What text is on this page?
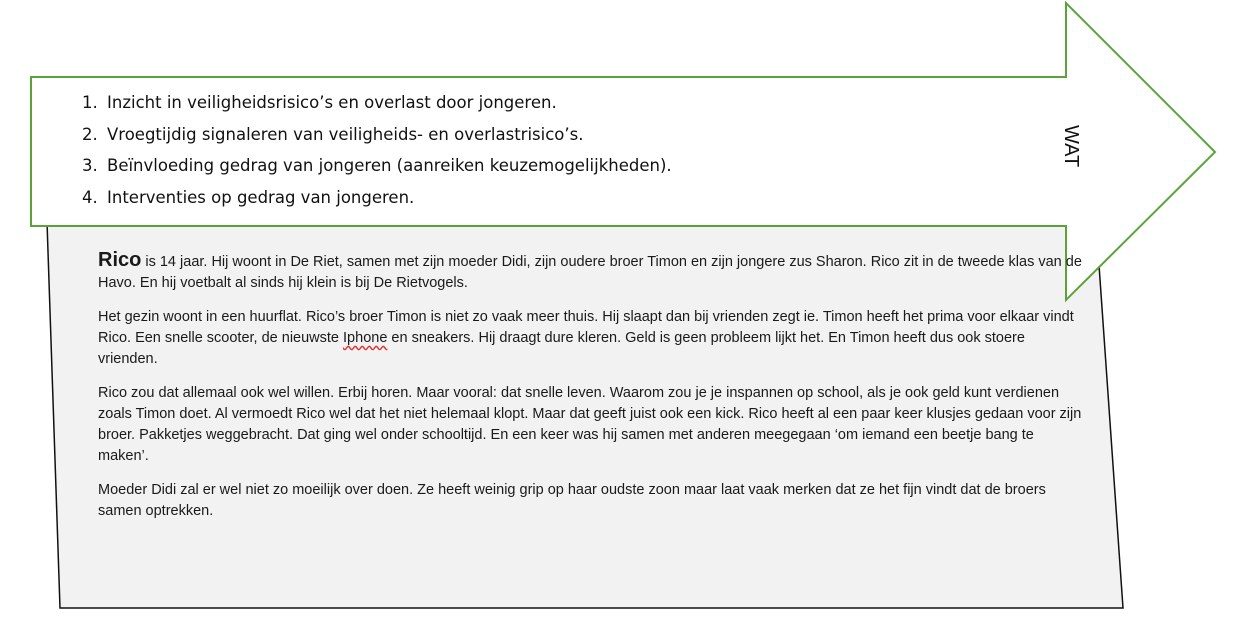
1. Inzicht in veiligheidsrisico’s en overlast door jongeren.
2. Vroegtijdig signaleren van veiligheids- en overlastrisico’s.
3. Beïnvloeding gedrag van jongeren (aanreiken keuzemogelijkheden).
4. Interventies op gedrag van jongeren.
WAT

Rico is 14 jaar. Hij woont in De Riet, samen met zijn moeder Didi, zijn oudere broer Timon en zijn jongere zus Sharon. Rico zit in de tweede klas van de Havo. En hij voetbalt al sinds hij klein is bij De Rietvogels.

Het gezin woont in een huurflat. Rico’s broer Timon is niet zo vaak meer thuis. Hij slaapt dan bij vrienden zegt ie. Timon heeft het prima voor elkaar vindt Rico. Een snelle scooter, de nieuwste Iphone en sneakers. Hij draagt dure kleren. Geld is geen probleem lijkt het. En Timon heeft dus ook stoere vrienden.

Rico zou dat allemaal ook wel willen. Erbij horen. Maar vooral: dat snelle leven. Waarom zou je je inspannen op school, als je ook geld kunt verdienen zoals Timon doet. Al vermoedt Rico wel dat het niet helemaal klopt. Maar dat geeft juist ook een kick. Rico heeft al een paar keer klusjes gedaan voor zijn broer. Pakketjes weggebracht. Dat ging wel onder schooltijd. En een keer was hij samen met anderen meegegaan ‘om iemand een beetje bang te maken’.

Moeder Didi zal er wel niet zo moeilijk over doen. Ze heeft weinig grip op haar oudste zoon maar laat vaak merken dat ze het fijn vindt dat de broers samen optrekken.
